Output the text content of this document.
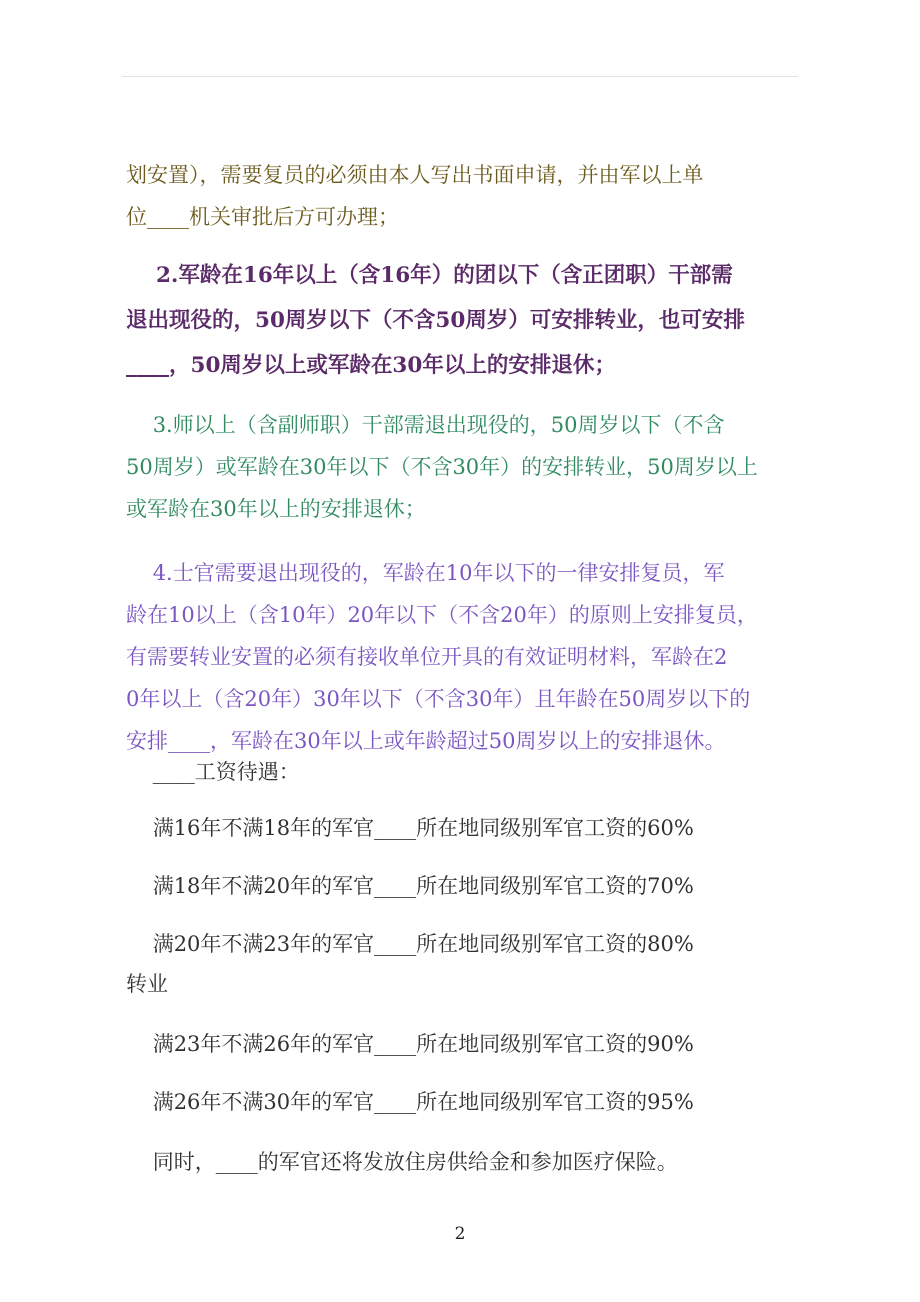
划安置），需要复员的必须由本人写出书面申请，并由军以上单
位____机关审批后方可办理；

2.军龄在16年以上（含16年）的团以下（含正团职）干部需
退出现役的，50周岁以下（不含50周岁）可安排转业，也可安排
____，50周岁以上或军龄在30年以上的安排退休；

3.师以上（含副师职）干部需退出现役的，50周岁以下（不含
50周岁）或军龄在30年以下（不含30年）的安排转业，50周岁以上
或军龄在30年以上的安排退休；

4.士官需要退出现役的，军龄在10年以下的一律安排复员，军
龄在10以上（含10年）20年以下（不含20年）的原则上安排复员，
有需要转业安置的必须有接收单位开具的有效证明材料，军龄在2
0年以上（含20年）30年以下（不含30年）且年龄在50周岁以下的
安排____，军龄在30年以上或年龄超过50周岁以上的安排退休。

____工资待遇：

满16年不满18年的军官____所在地同级别军官工资的60%

满18年不满20年的军官____所在地同级别军官工资的70%

满20年不满23年的军官____所在地同级别军官工资的80%
转业

满23年不满26年的军官____所在地同级别军官工资的90%

满26年不满30年的军官____所在地同级别军官工资的95%

同时，____的军官还将发放住房供给金和参加医疗保险。

2
